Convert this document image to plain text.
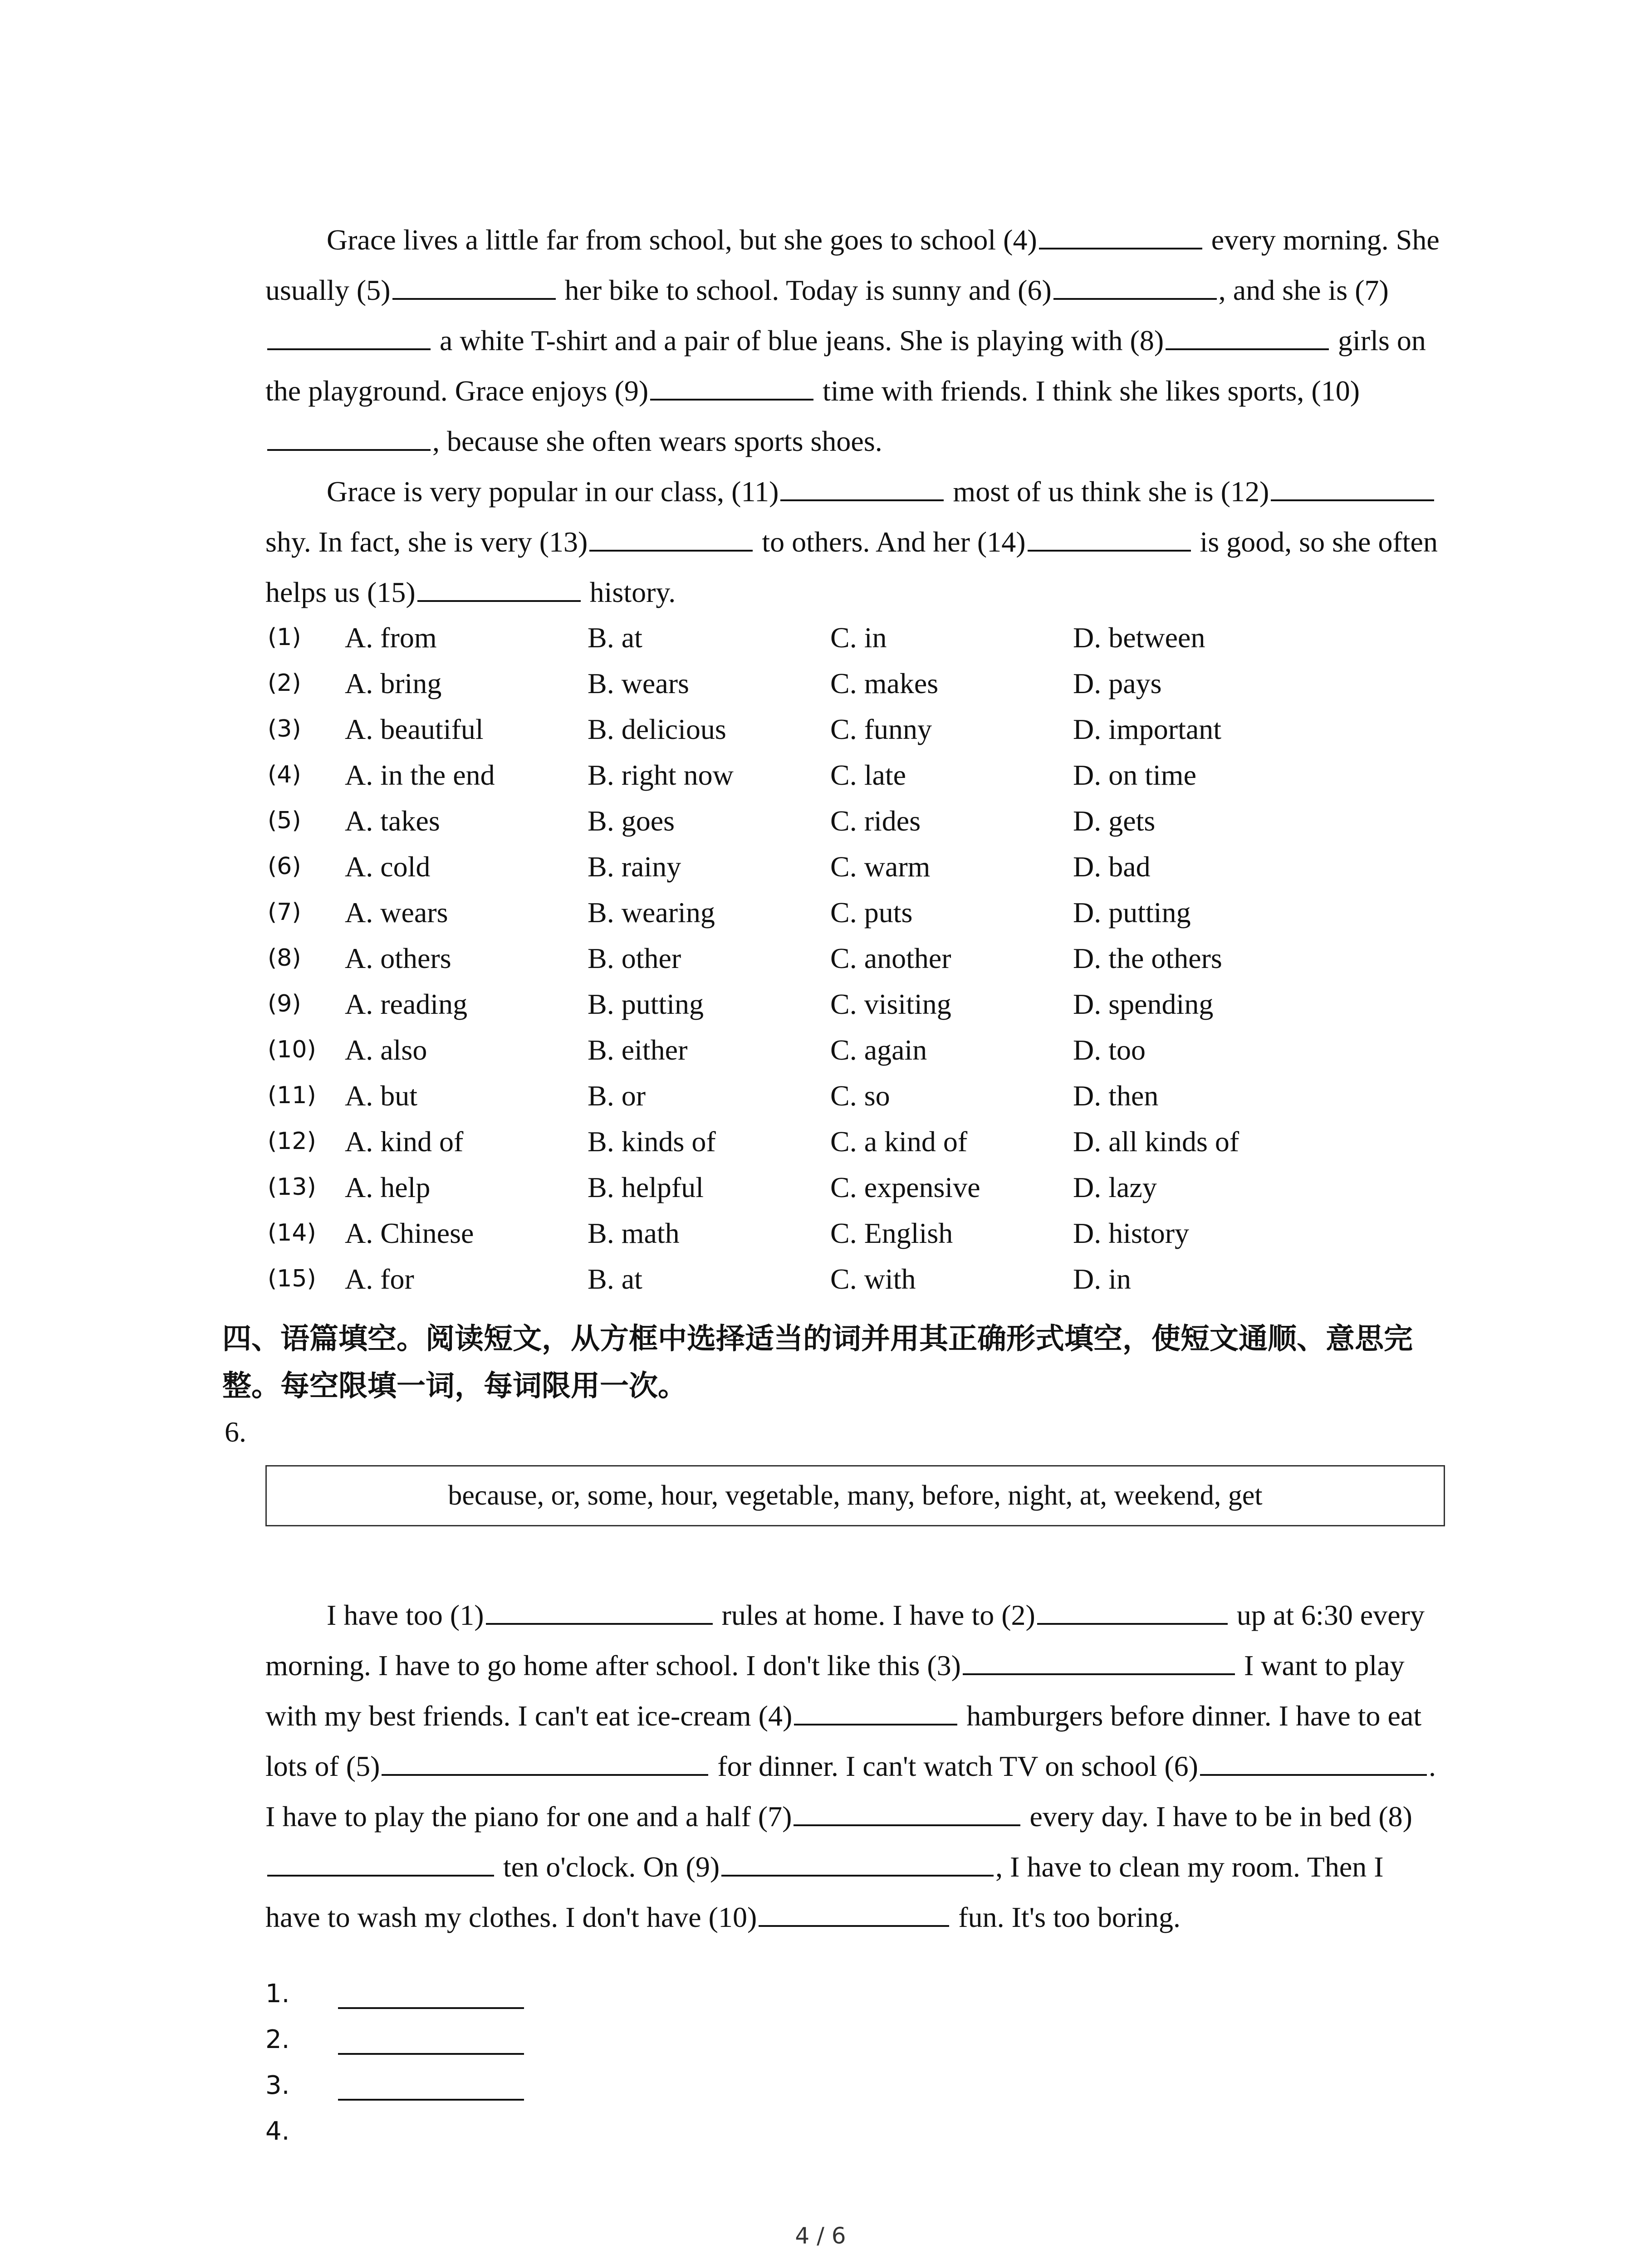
Grace lives a little far from school, but she goes to school (4)	every morning. She usually (5)	her bike to school. Today is sunny and (6)	, and she is (7) a white T-shirt and a pair of blue jeans. She is playing with (8)	girls on the playground. Grace enjoys (9)	time with friends. I think she likes sports, (10), because she often wears sports shoes.

Grace is very popular in our class, (11)	most of us think she is (12) shy. In fact, she is very (13)	to others. And her (14)	is good, so she often helps us (15)	history.

(1) A. from	B. at	C. in	D. between
(2) A. bring	B. wears	C. makes	D. pays
(3) A. beautiful	B. delicious	C. funny	D. important
(4) A. in the end	B. right now	C. late	D. on time
(5) A. takes	B. goes	C. rides	D. gets
(6) A. cold	B. rainy	C. warm	D. bad
(7) A. wears	B. wearing	C. puts	D. putting
(8) A. others	B. other	C. another	D. the others
(9) A. reading	B. putting	C. visiting	D. spending
(10) A. also	B. either	C. again	D. too
(11) A. but	B. or	C. so	D. then
(12) A. kind of	B. kinds of	C. a kind of	D. all kinds of
(13) A. help	B. helpful	C. expensive	D. lazy
(14) A. Chinese	B. math	C. English	D. history
(15) A. for	B. at	C. with	D. in
四、语篇填空。阅读短文，从方框中选择适当的词并用其正确形式填空，使短文通顺、意思完整。每空限填一词，每词限用一次。
6.
because, or, some, hour, vegetable, many, before, night, at, weekend, get

I have too (1)	rules at home. I have to (2)	up at 6:30 every morning. I have to go home after school. I don't like this (3)	I want to play with my best friends. I can't eat ice-cream (4)	hamburgers before dinner. I have to eat lots of (5)	for dinner. I can't watch TV on school (6)	. I have to play the piano for one and a half (7)	every day. I have to be in bed (8) ten o'clock. On (9)	, I have to clean my room. Then I have to wash my clothes. I don't have (10)	fun. It's too boring.

1.
2.
3.
4.
4 / 6
